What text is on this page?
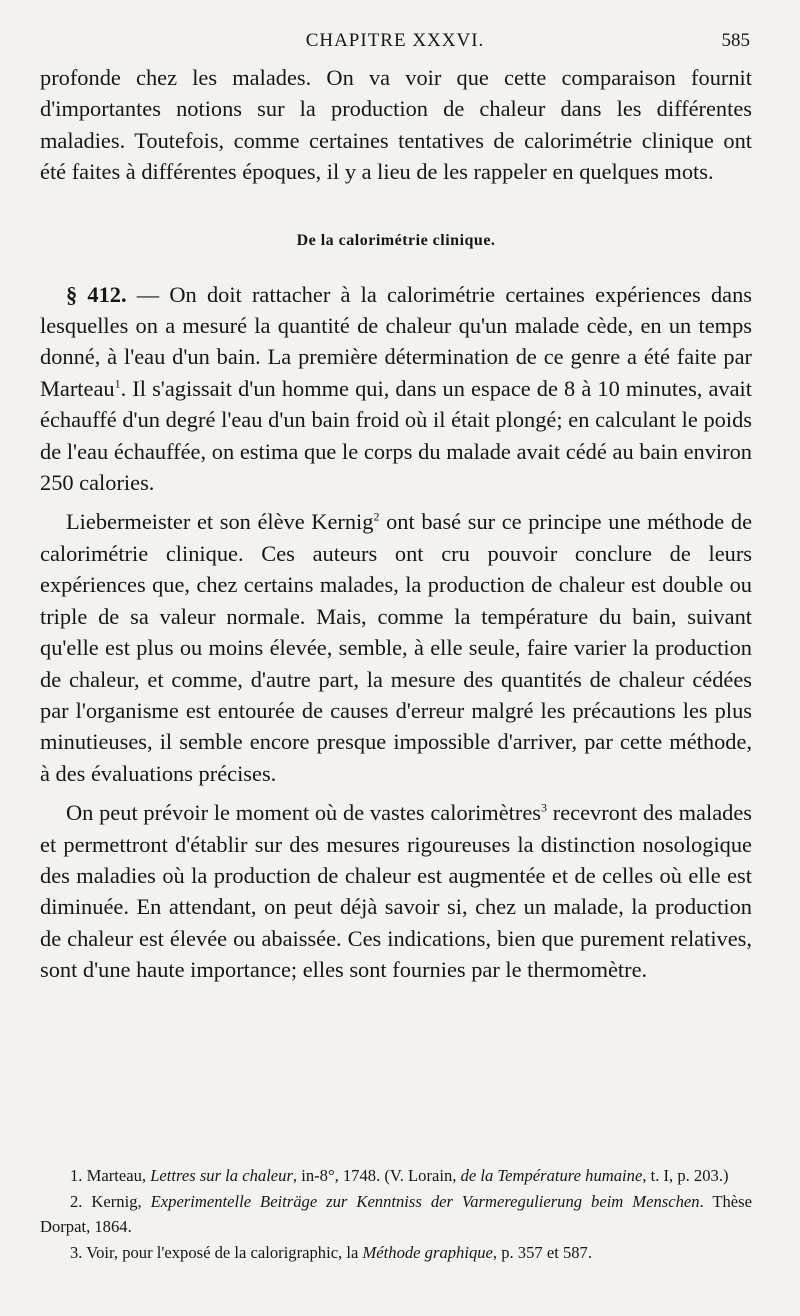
CHAPITRE XXXVI.	585

profonde chez les malades. On va voir que cette comparaison fournit d'importantes notions sur la production de chaleur dans les différentes maladies. Toutefois, comme certaines tentatives de calorimétrie clinique ont été faites à différentes époques, il y a lieu de les rappeler en quelques mots.

De la calorimétrie clinique.

§ 412. — On doit rattacher à la calorimétrie certaines expériences dans lesquelles on a mesuré la quantité de chaleur qu'un malade cède, en un temps donné, à l'eau d'un bain. La première détermination de ce genre a été faite par Marteau$^1$. Il s'agissait d'un homme qui, dans un espace de 8 à 10 minutes, avait échauffé d'un degré l'eau d'un bain froid où il était plongé; en calculant le poids de l'eau échauffée, on estima que le corps du malade avait cédé au bain environ 250 calories.

Liebermeister et son élève Kernig$^2$ ont basé sur ce principe une méthode de calorimétrie clinique. Ces auteurs ont cru pouvoir conclure de leurs expériences que, chez certains malades, la production de chaleur est double ou triple de sa valeur normale. Mais, comme la température du bain, suivant qu'elle est plus ou moins élevée, semble, à elle seule, faire varier la production de chaleur, et comme, d'autre part, la mesure des quantités de chaleur cédées par l'organisme est entourée de causes d'erreur malgré les précautions les plus minutieuses, il semble encore presque impossible d'arriver, par cette méthode, à des évaluations précises.

On peut prévoir le moment où de vastes calorimètres$^3$ recevront des malades et permettront d'établir sur des mesures rigoureuses la distinction nosologique des maladies où la production de chaleur est augmentée et de celles où elle est diminuée. En attendant, on peut déjà savoir si, chez un malade, la production de chaleur est élevée ou abaissée. Ces indications, bien que purement relatives, sont d'une haute importance; elles sont fournies par le thermomètre.

1. Marteau, Lettres sur la chaleur, in-8°, 1748. (V. Lorain, de la Température humaine, t. I, p. 203.)

2. Kernig, Experimentelle Beiträge zur Kenntniss der Varmeregulierung beim Menschen. Thèse Dorpat, 1864.

3. Voir, pour l'exposé de la calorigraphic, la Méthode graphique, p. 357 et 587.
